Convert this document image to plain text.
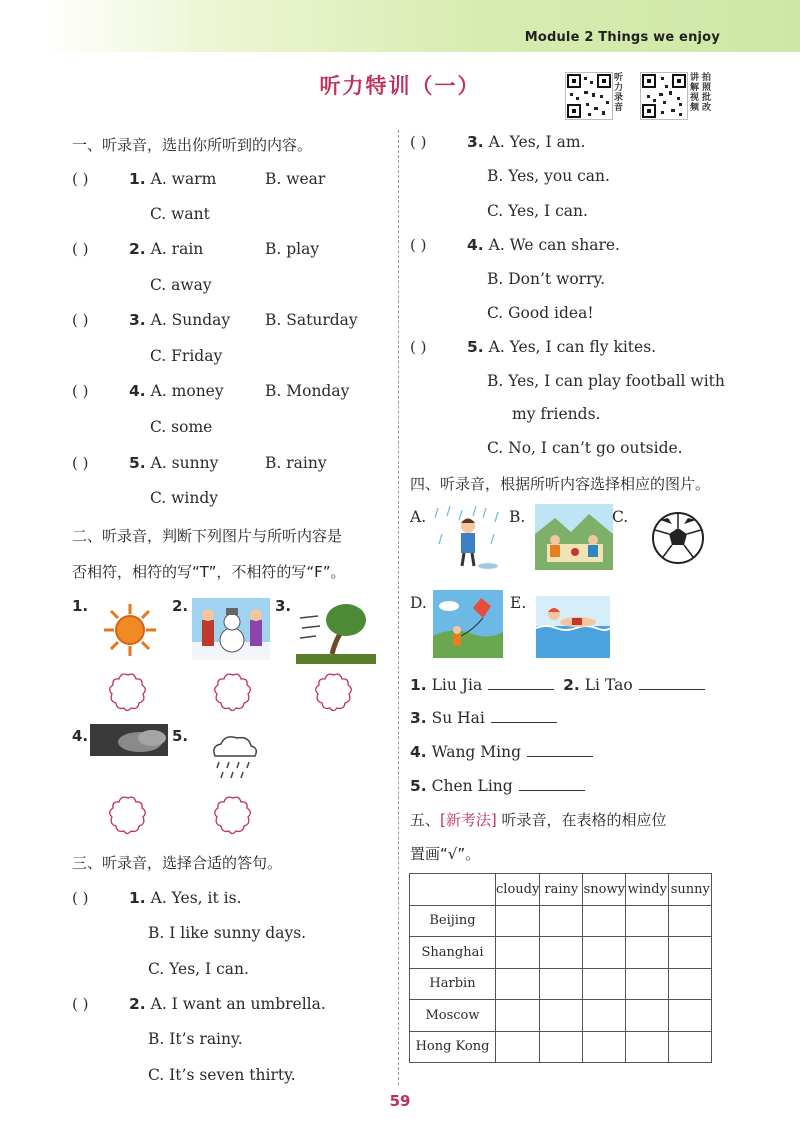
Module 2 Things we enjoy
听力特训（一）	听
力
录
音
讲
解
视
频
拍
照
批
改
一、听录音，选出你所听到的内容。
( )	1. A. warm	B. wear
C. want
( )	2. A. rain	B. play
C. away
( )	3. A. Sunday B. Saturday
C. Friday
( )	4. A. money	B. Monday
C. some
( )	5. A. sunny	B. rainy
C. windy
二、听录音，判断下列图片与所听内容是
否相符，相符的写“T”，不相符的写“F”。
1.	2.	3.
4.	5.
三、听录音，选择合适的答句。
( )	1. A. Yes, it is.
B. I like sunny days.
C. Yes, I can.
( )	2. A. I want an umbrella.
B. It’s rainy.
C. It’s seven thirty.
( )	3. A. Yes, I am.
B. Yes, you can.
C. Yes, I can.
( )	4. A. We can share.
B. Don’t worry.
C. Good idea!
( )	5. A. Yes, I can fly kites.
B. Yes, I can play football with
my friends.
C. No, I can’t go outside.
四、听录音，根据所听内容选择相应的图片。
A.	B.	C.
D.	E.
1. Liu Jia	2. Li Tao
3. Su Hai
4. Wang Ming
5. Chen Ling
五、[新考法] 听录音，在表格的相应位
置画“√”。
	cloudy	rainy	snowy	windy	sunny
Beijing					
Shanghai					
Harbin					
Moscow					
Hong Kong					
59
